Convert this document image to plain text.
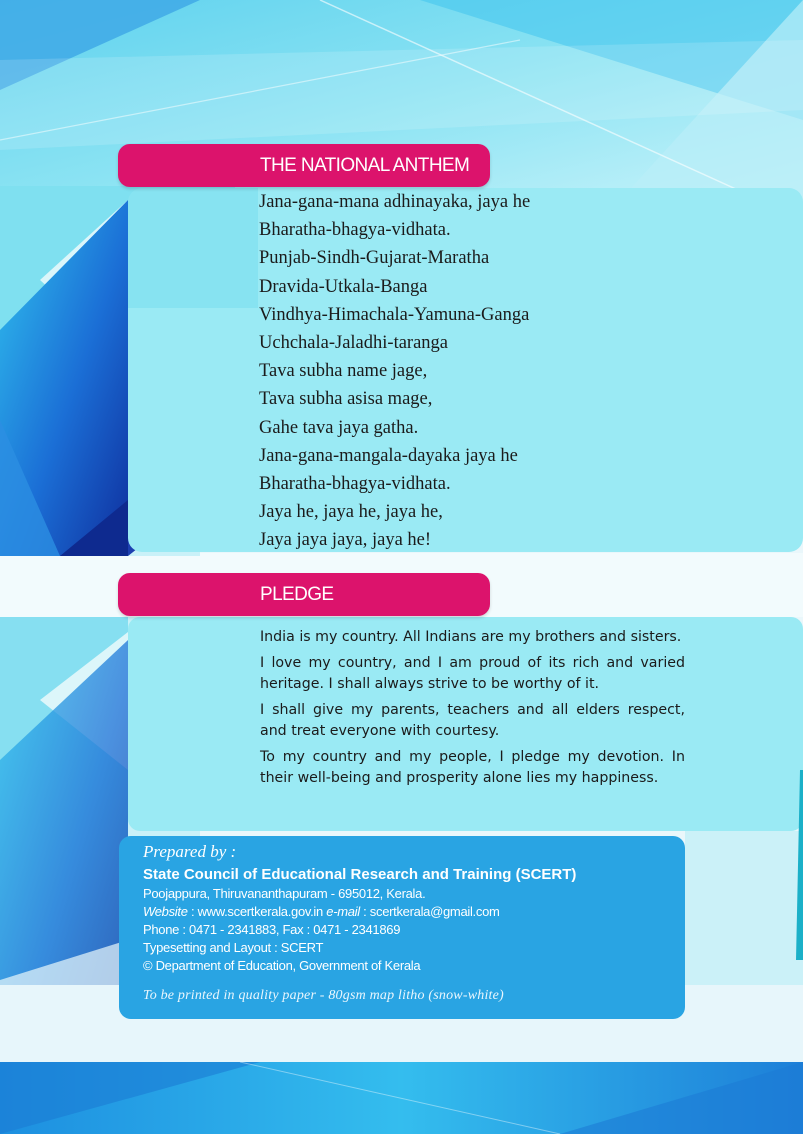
THE NATIONAL ANTHEM
Jana-gana-mana adhinayaka, jaya he
Bharatha-bhagya-vidhata.
Punjab-Sindh-Gujarat-Maratha
Dravida-Utkala-Banga
Vindhya-Himachala-Yamuna-Ganga
Uchchala-Jaladhi-taranga
Tava subha name jage,
Tava subha asisa mage,
Gahe tava jaya gatha.
Jana-gana-mangala-dayaka jaya he
Bharatha-bhagya-vidhata.
Jaya he, jaya he, jaya he,
Jaya jaya jaya, jaya he!
PLEDGE

India is my country. All Indians are my brothers and sisters.

I love my country, and I am proud of its rich and varied heritage. I shall always strive to be worthy of it.

I shall give my parents, teachers and all elders respect, and treat everyone with courtesy.

To my country and my people, I pledge my devotion. In their well-being and prosperity alone lies my happiness.

Prepared by :
State Council of Educational Research and Training (SCERT)
Poojappura, Thiruvananthapuram - 695012, Kerala.
Website : www.scertkerala.gov.in e-mail : scertkerala@gmail.com
Phone : 0471 - 2341883, Fax : 0471 - 2341869
Typesetting and Layout : SCERT
© Department of Education, Government of Kerala
To be printed in quality paper - 80gsm map litho (snow-white)
